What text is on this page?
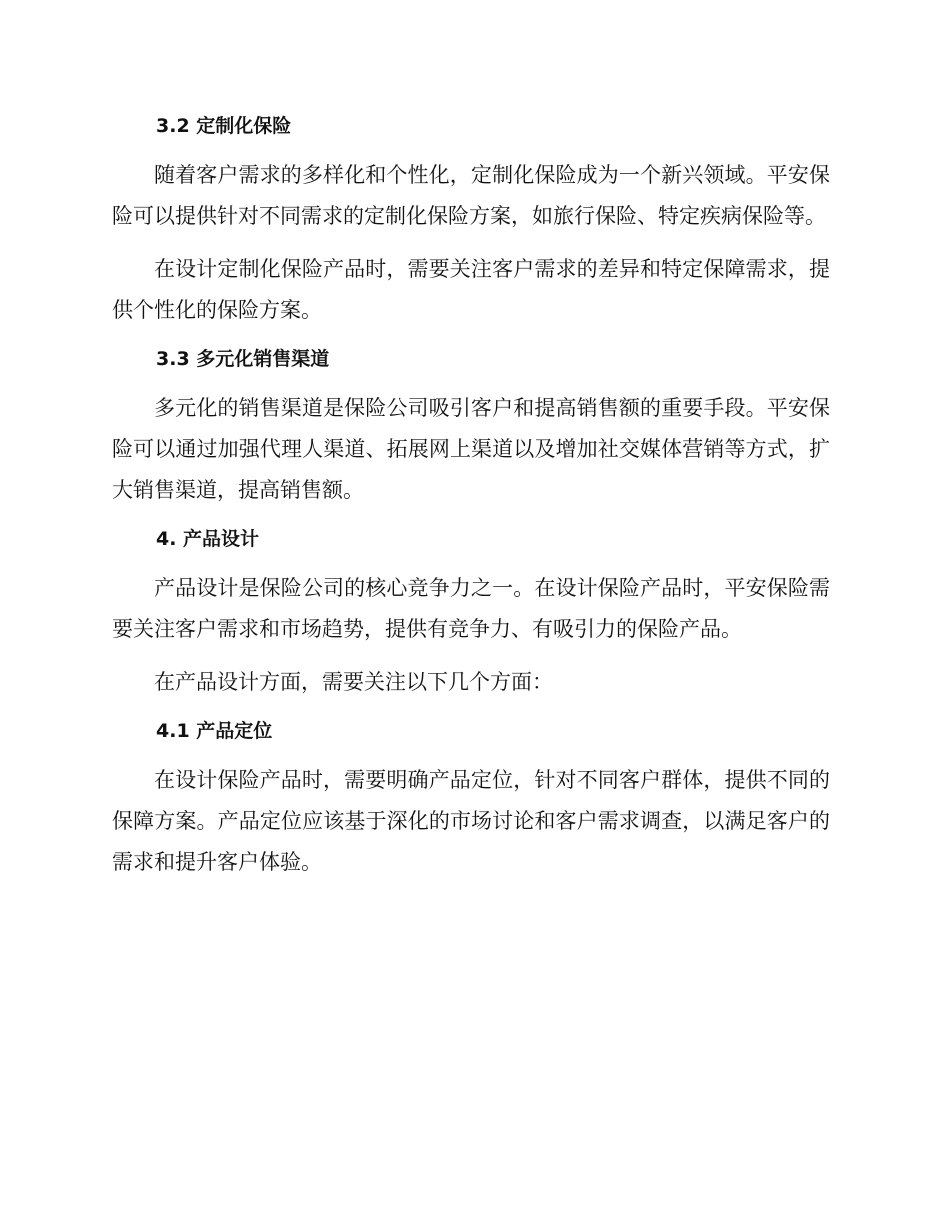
3.2 定制化保险

随着客户需求的多样化和个性化，定制化保险成为一个新兴领域。平安保险可以提供针对不同需求的定制化保险方案，如旅行保险、特定疾病保险等。

在设计定制化保险产品时，需要关注客户需求的差异和特定保障需求，提供个性化的保险方案。

3.3 多元化销售渠道

多元化的销售渠道是保险公司吸引客户和提高销售额的重要手段。平安保险可以通过加强代理人渠道、拓展网上渠道以及增加社交媒体营销等方式，扩大销售渠道，提高销售额。

4. 产品设计

产品设计是保险公司的核心竞争力之一。在设计保险产品时，平安保险需要关注客户需求和市场趋势，提供有竞争力、有吸引力的保险产品。

在产品设计方面，需要关注以下几个方面：

4.1 产品定位

在设计保险产品时，需要明确产品定位，针对不同客户群体，提供不同的保障方案。产品定位应该基于深化的市场讨论和客户需求调查，以满足客户的需求和提升客户体验。
